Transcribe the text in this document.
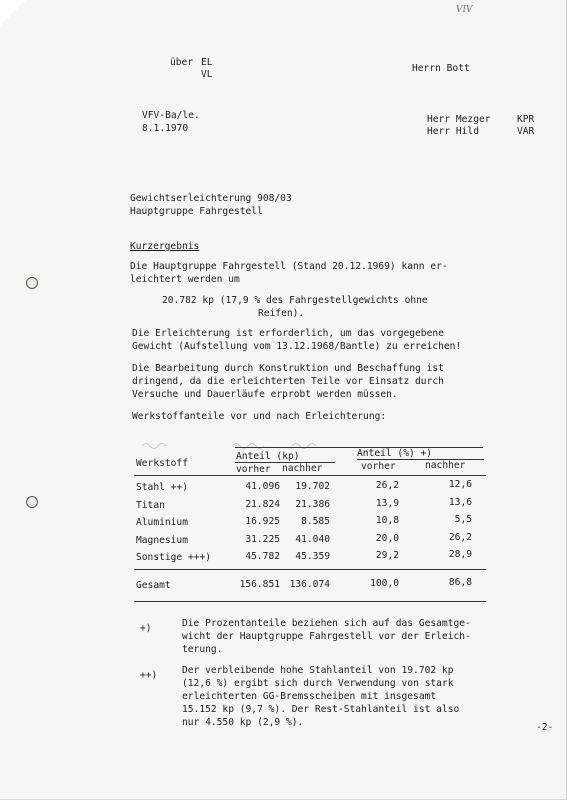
VIV
über EL
VL
Herrn Bott
VFV-Ba/le.
8.1.1970
Herr Mezger	KPR
Herr Hild	VAR
Gewichtserleichterung 908/03
Hauptgruppe Fahrgestell
Kurzergebnis
Die Hauptgruppe Fahrgestell (Stand 20.12.1969) kann er-
leichtert werden um
20.782 kp (17,9 % des Fahrgestellgewichts ohne
Reifen).
Die Erleichterung ist erforderlich, um das vorgegebene
Gewicht (Aufstellung vom 13.12.1968/Bantle) zu erreichen!
Die Bearbeitung durch Konstruktion und Beschaffung ist
dringend, da die erleichterten Teile vor Einsatz durch
Versuche und Dauerläufe erprobt werden müssen.
Werkstoffanteile vor und nach Erleichterung:
Anteil (kp)	Anteil (%) +)
Werkstoff
vorher nachher	vorher	nachher
Stahl ++)	41.096	19.702	26,2	12,6
Titan	21.824	21.386	13,9	13,6
Aluminium	16.925	8.585	10,8	5,5
Magnesium	31.225	41.040	20,0	26,2
Sonstige +++)	45.782	45.359	29,2	28,9
Gesamt	156.851 136.074	100,0	86,8
+)	Die Prozentanteile beziehen sich auf das Gesamtge-
wicht der Hauptgruppe Fahrgestell vor der Erleich-
terung.
++)	Der verbleibende hohe Stahlanteil von 19.702 kp
(12,6 %) ergibt sich durch Verwendung von stark
erleichterten GG-Bremsscheiben mit insgesamt
15.152 kp (9,7 %). Der Rest-Stahlanteil ist also
nur 4.550 kp (2,9 %).	-2-
